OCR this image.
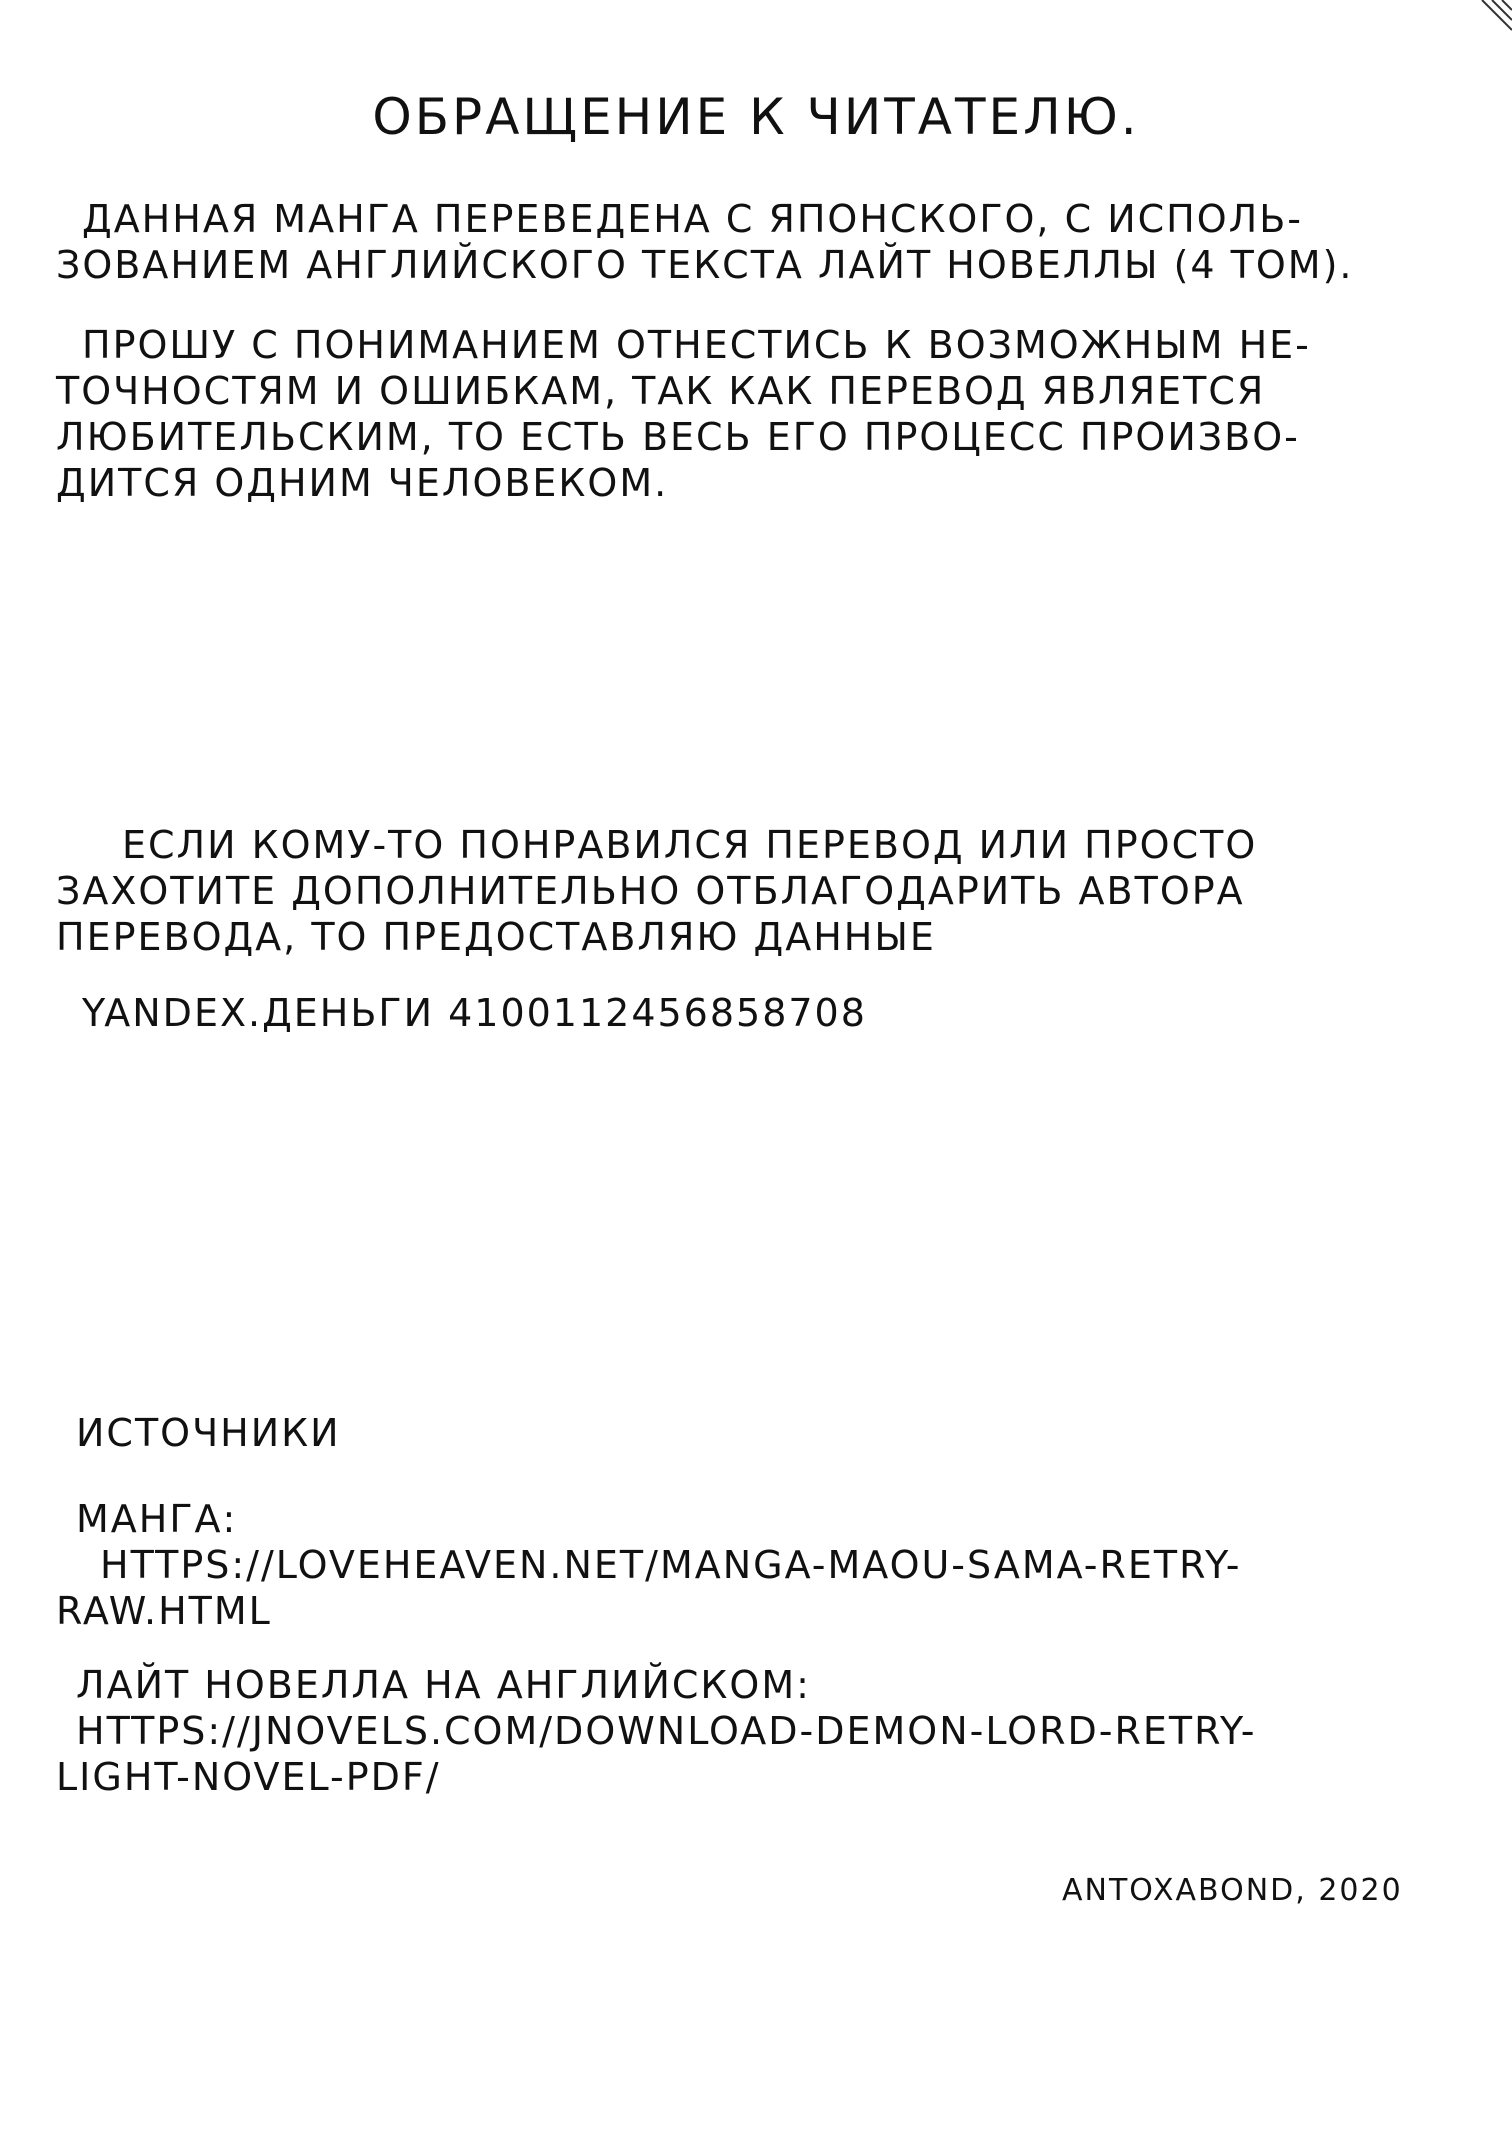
ОБРАЩЕНИЕ К ЧИТАТЕЛЮ.
ДАННАЯ МАНГА ПЕРЕВЕДЕНА С ЯПОНСКОГО, С ИСПОЛЬ-
ЗОВАНИЕМ АНГЛИЙСКОГО ТЕКСТА ЛАЙТ НОВЕЛЛЫ (4 ТОМ).
ПРОШУ С ПОНИМАНИЕМ ОТНЕСТИСЬ К ВОЗМОЖНЫМ НЕ-
ТОЧНОСТЯМ И ОШИБКАМ, ТАК КАК ПЕРЕВОД ЯВЛЯЕТСЯ
ЛЮБИТЕЛЬСКИМ, ТО ЕСТЬ ВЕСЬ ЕГО ПРОЦЕСС ПРОИЗВО-
ДИТСЯ ОДНИМ ЧЕЛОВЕКОМ.
ЕСЛИ КОМУ-ТО ПОНРАВИЛСЯ ПЕРЕВОД ИЛИ ПРОСТО
ЗАХОТИТЕ ДОПОЛНИТЕЛЬНО ОТБЛАГОДАРИТЬ АВТОРА
ПЕРЕВОДА, ТО ПРЕДОСТАВЛЯЮ ДАННЫЕ
YANDEX.ДЕНЬГИ 410011245685870​8
ИСТОЧНИКИ
МАНГА:
HTTPS://LOVEHEAVEN.NET/MANGA-MAOU-SAMA-RETRY-
RAW.HTML
ЛАЙТ НОВЕЛЛА НА АНГЛИЙСКОМ:
HTTPS://JNOVELS.COM/DOWNLOAD-DEMON-LORD-RETRY-
LIGHT-NOVEL-PDF/
ANTOXABOND, 2020
